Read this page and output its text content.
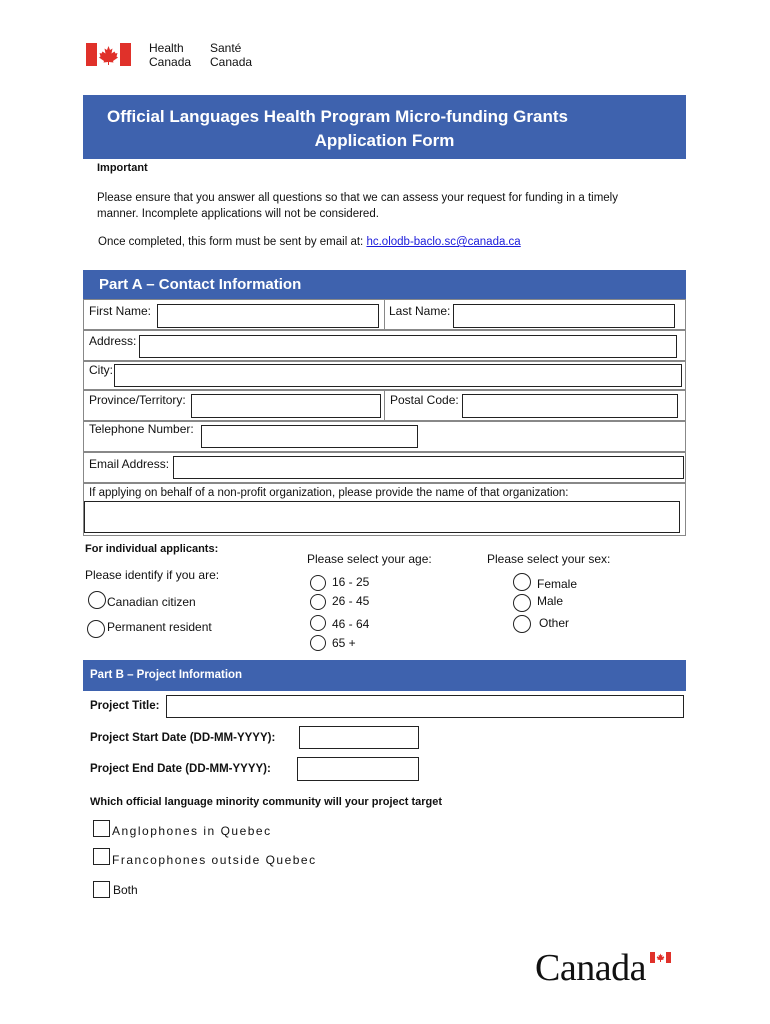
Health
Canada
Santé
Canada
Official Languages Health Program Micro-funding Grants
Application Form
Important
Please ensure that you answer all questions so that we can assess your request for funding in a timely
manner. Incomplete applications will not be considered.
Once completed, this form must be sent by email at: hc.olodb-baclo.sc@canada.ca
Part A – Contact Information
First Name:	Last Name:
Address:
City:
Province/Territory:	Postal Code:
Telephone Number:
Email Address:
If applying on behalf of a non-profit organization, please provide the name of that organization:
For individual applicants:
Please identify if you are:
Canadian citizen
Permanent resident
Please select your age:
16 - 25
26 - 45
46 - 64
65 +
Please select your sex:
Female
Male
Other
Part B – Project Information
Project Title:
Project Start Date (DD-MM-YYYY):
Project End Date (DD-MM-YYYY):
Which official language minority community will your project target
Anglophones in Quebec
Francophones outside Quebec
Both
Canada
